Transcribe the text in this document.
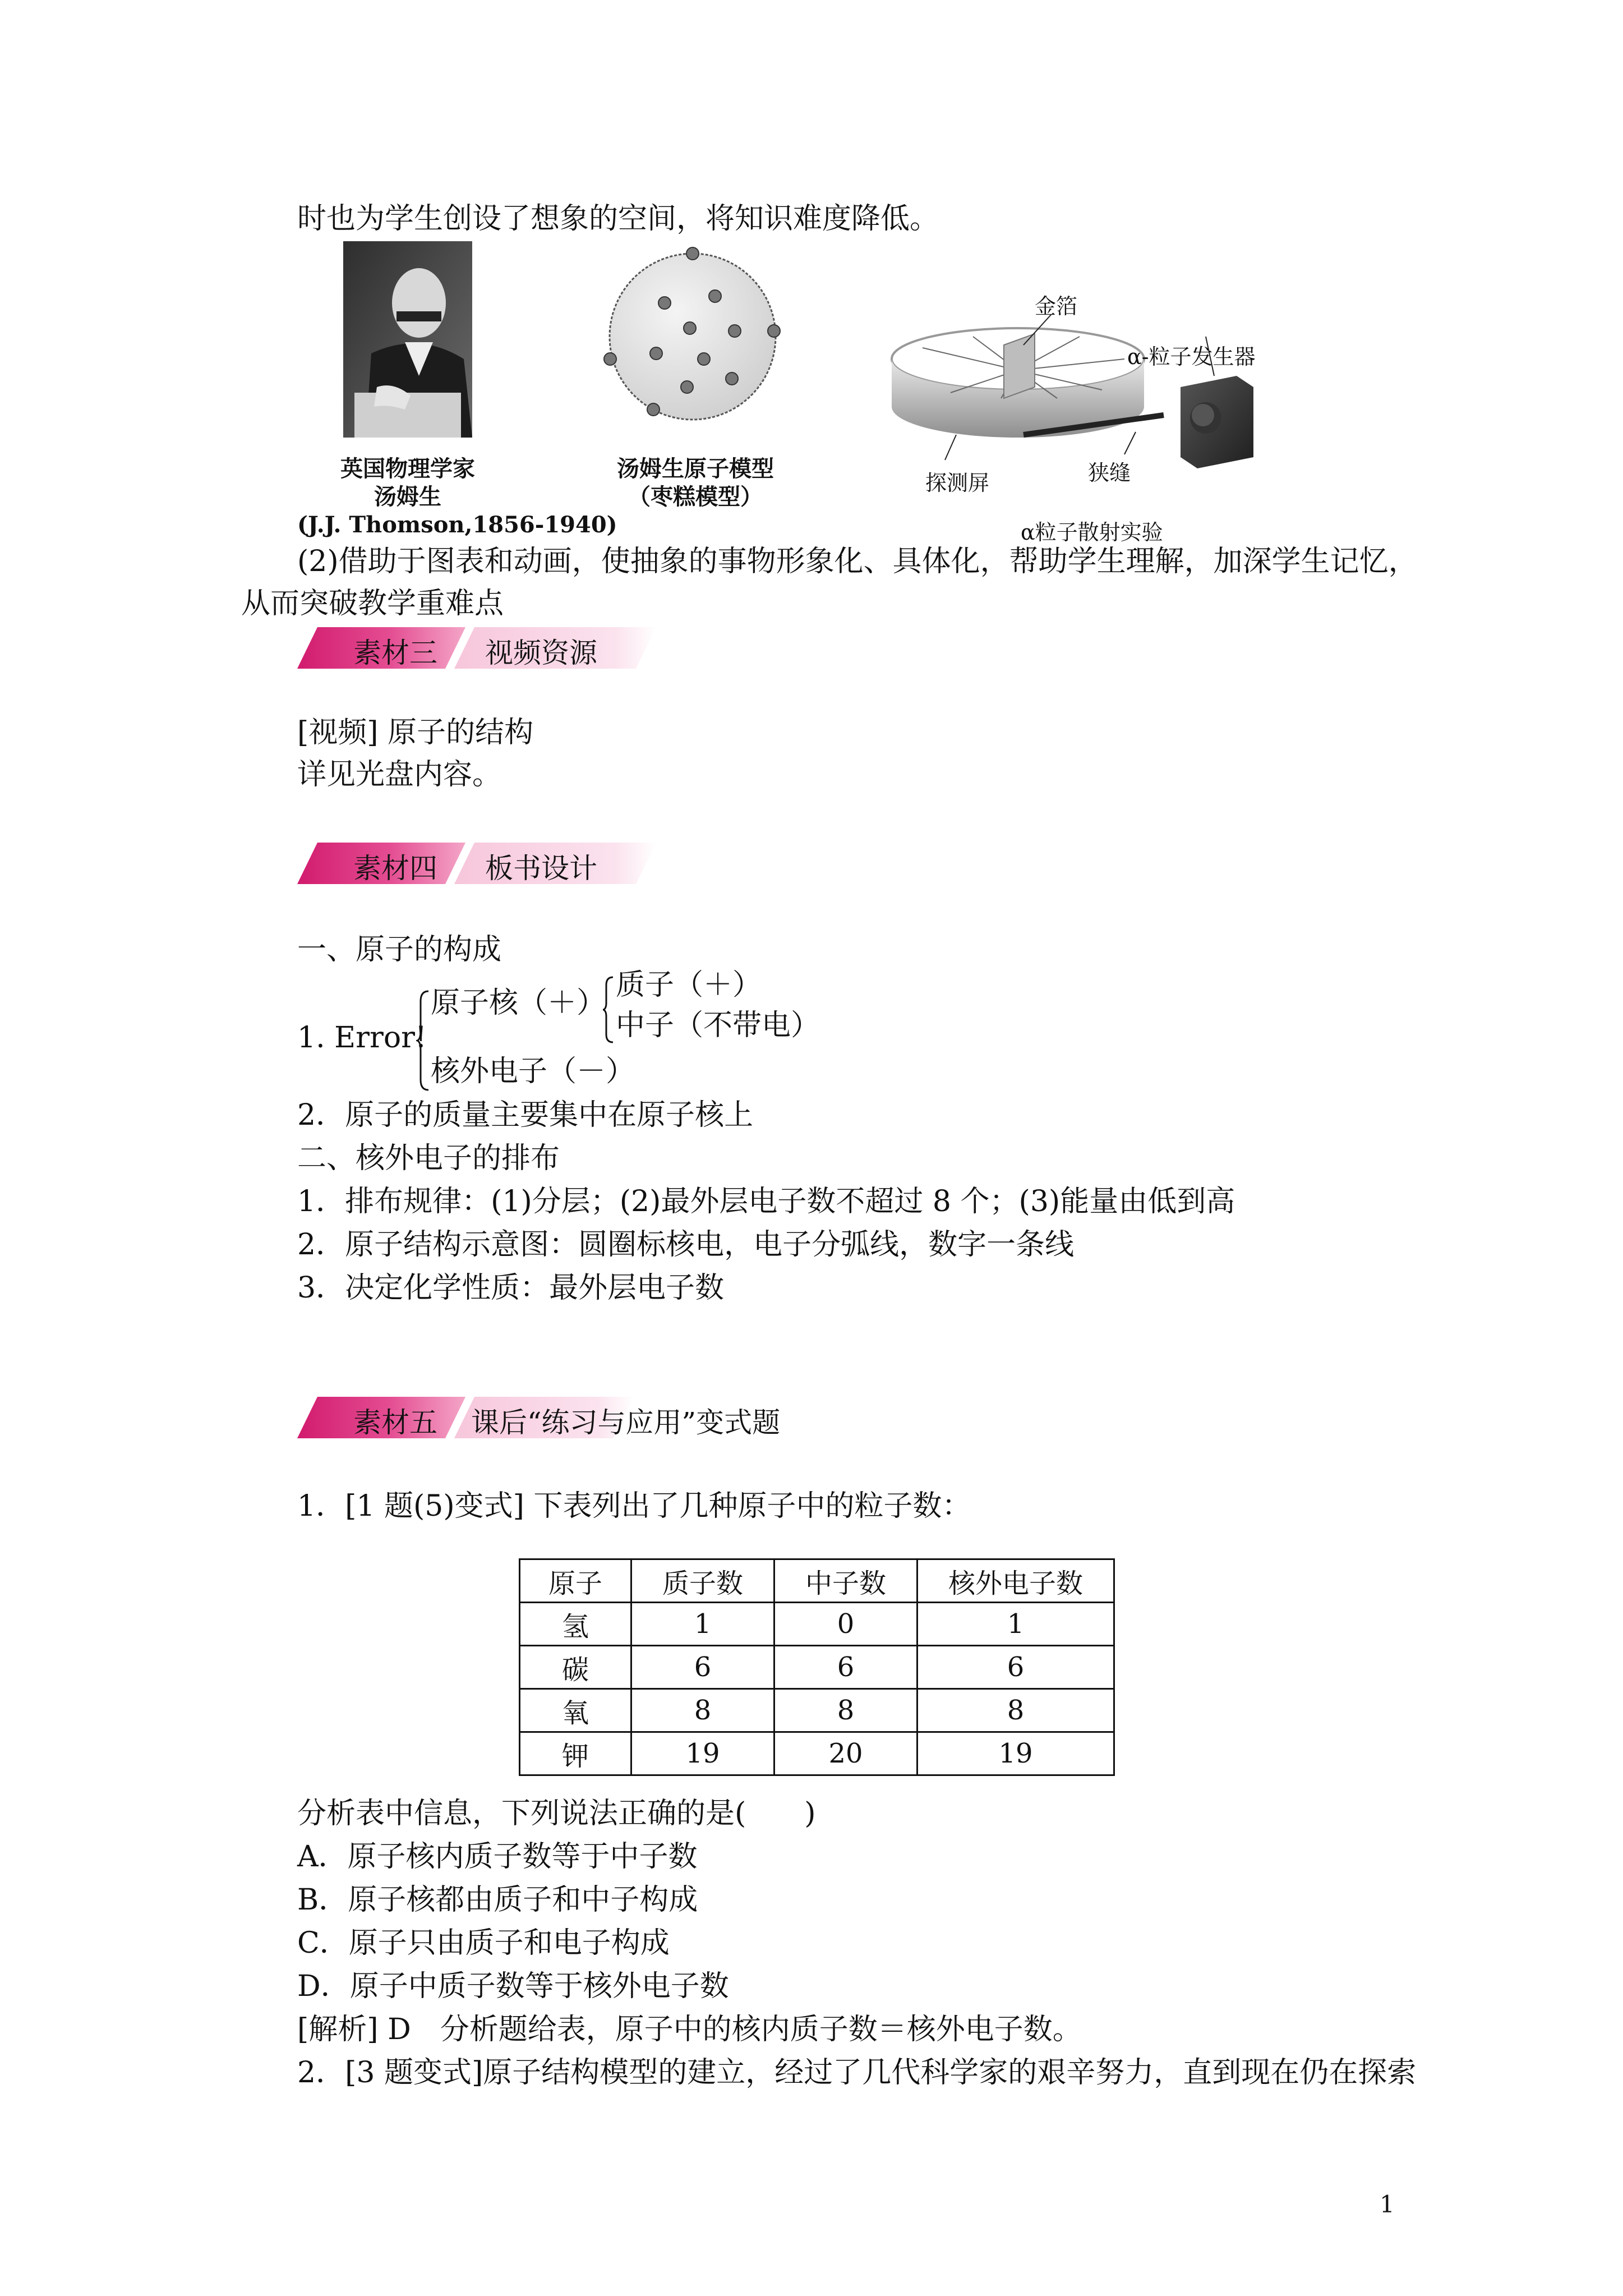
时也为学生创设了想象的空间，将知识难度降低。
英国物理学家
汤姆生
(J.J. Thomson,1856-1940)
汤姆生原子模型
（枣糕模型）
金箔
α-粒子发生器
探测屏	狭缝
α粒子散射实验
(2)借助于图表和动画，使抽象的事物形象化、具体化，帮助学生理解，加深学生记忆，
从而突破教学重难点
素材三 视频资源
[视频] 原子的结构
详见光盘内容。
素材四 板书设计
一、原子的构成
1. Error!
原子核（＋）
核外电子（－）
质子（＋）
中子（不带电）
2．原子的质量主要集中在原子核上
二、核外电子的排布
1．排布规律：(1)分层；(2)最外层电子数不超过 8 个；(3)能量由低到高
2．原子结构示意图：圆圈标核电，电子分弧线，数字一条线
3．决定化学性质：最外层电子数
素材五 课后“练习与应用”变式题
1．[1 题(5)变式] 下表列出了几种原子中的粒子数：
原子	质子数	中子数	核外电子数
氢	1	0	1
碳	6	6	6
氧	8	8	8
钾	19	20	19
分析表中信息，下列说法正确的是(　　)
A．原子核内质子数等于中子数
B．原子核都由质子和中子构成
C．原子只由质子和电子构成
D．原子中质子数等于核外电子数
[解析] D　分析题给表，原子中的核内质子数＝核外电子数。
2．[3 题变式]原子结构模型的建立，经过了几代科学家的艰辛努力，直到现在仍在探索
1
